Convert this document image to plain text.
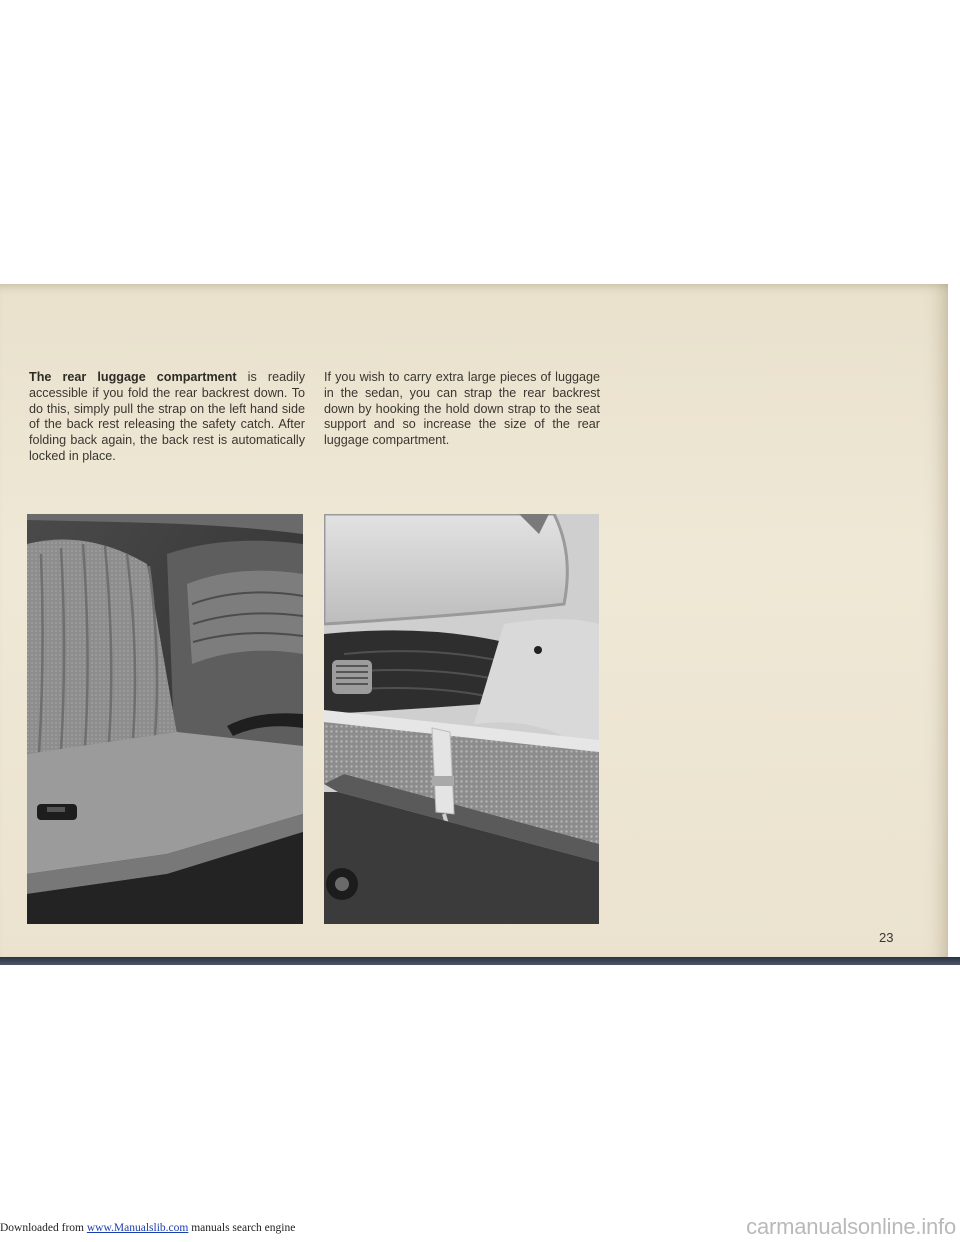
The rear luggage compartment is readily accessible if you fold the rear backrest down. To do this, simply pull the strap on the left hand side of the back rest releasing the safety catch. After folding back again, the back rest is automatically locked in place.
If you wish to carry extra large pieces of luggage in the sedan, you can strap the rear backrest down by hooking the hold down strap to the seat support and so increase the size of the rear luggage compartment.
23
Downloaded from www.Manualslib.com manuals search engine	carmanualsonline.info
